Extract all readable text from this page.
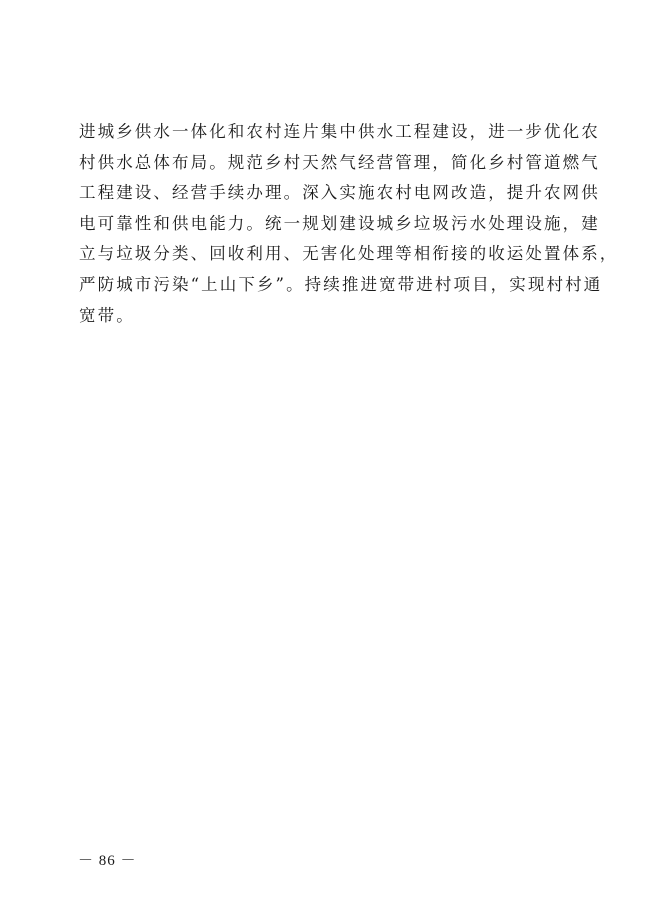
进城乡供水一体化和农村连片集中供水工程建设，进一步优化农
村供水总体布局。规范乡村天然气经营管理，简化乡村管道燃气
工程建设、经营手续办理。深入实施农村电网改造，提升农网供
电可靠性和供电能力。统一规划建设城乡垃圾污水处理设施，建
立与垃圾分类、回收利用、无害化处理等相衔接的收运处置体系，
严防城市污染“上山下乡”。持续推进宽带进村项目，实现村村通
宽带。
－ 86 －
